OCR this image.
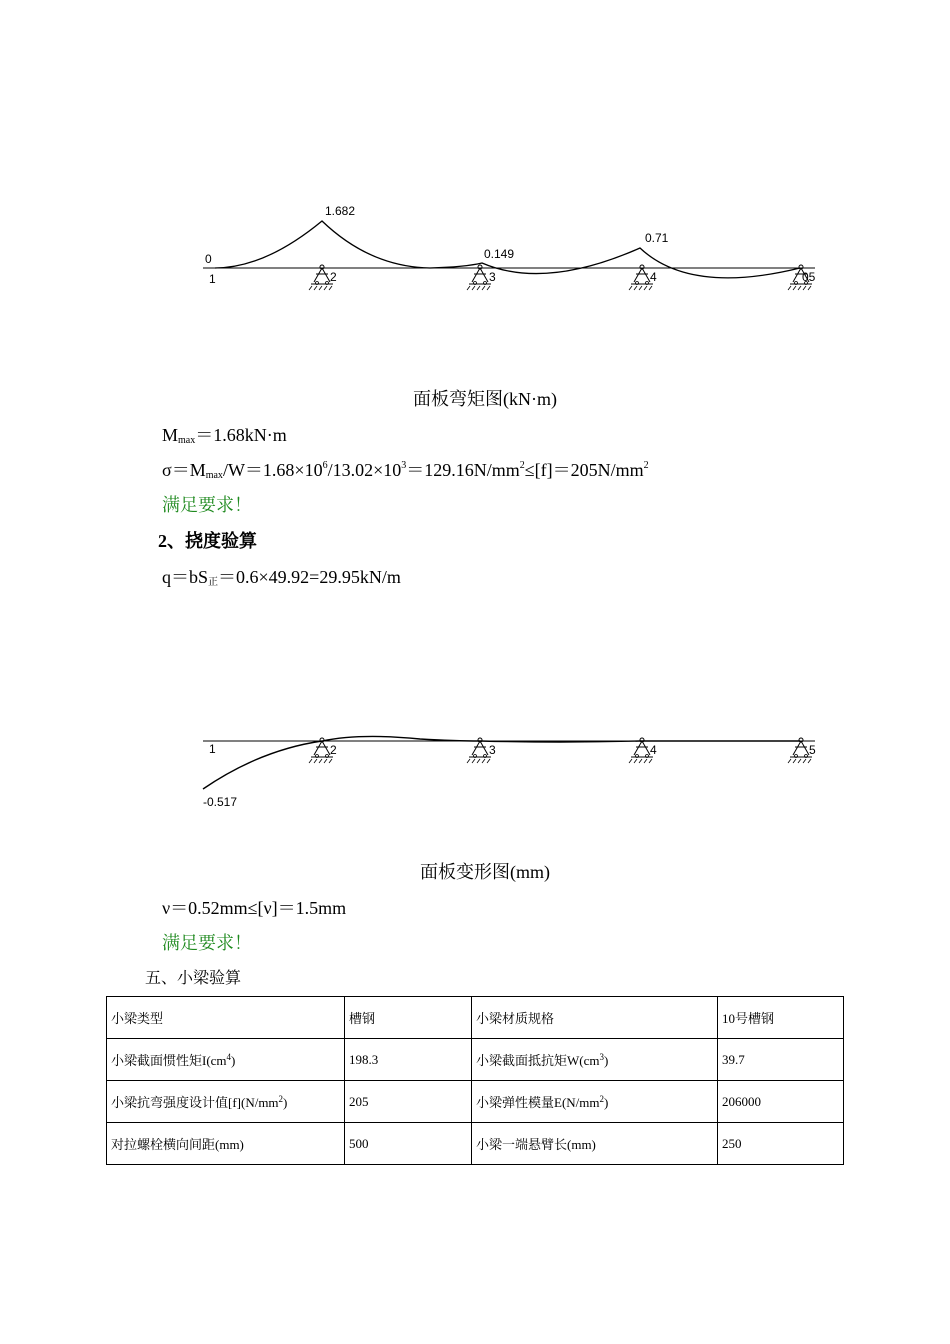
0
1.682
0.149
0.71
1	2	3	4	05
面板弯矩图(kN·m)
$M_{max}=1.68kN\cdot m$
$\sigma=M_{max}/W=1.68\times 10^6/13.02\times 10^3=129.16N/mm^2\le[f]=205N/mm^2$
满足要求！
2、挠度验算
$q=bS_正=0.6\times 49.92=29.95kN/m$
1	2	3	4	5
-0.517
面板变形图(mm)
ν＝0.52mm≤[ν]＝1.5mm
满足要求！
五、小梁验算
小梁类型	槽钢	小梁材质规格	10号槽钢
小梁截面惯性矩$I(cm^4)$	198.3	小梁截面抵抗矩$W(cm^3)$	39.7
小梁抗弯强度设计值$[f](N/mm^2)$	205	小梁弹性模量$E(N/mm^2)$	206000
对拉螺栓横向间距(mm)	500	小梁一端悬臂长(mm)	250
